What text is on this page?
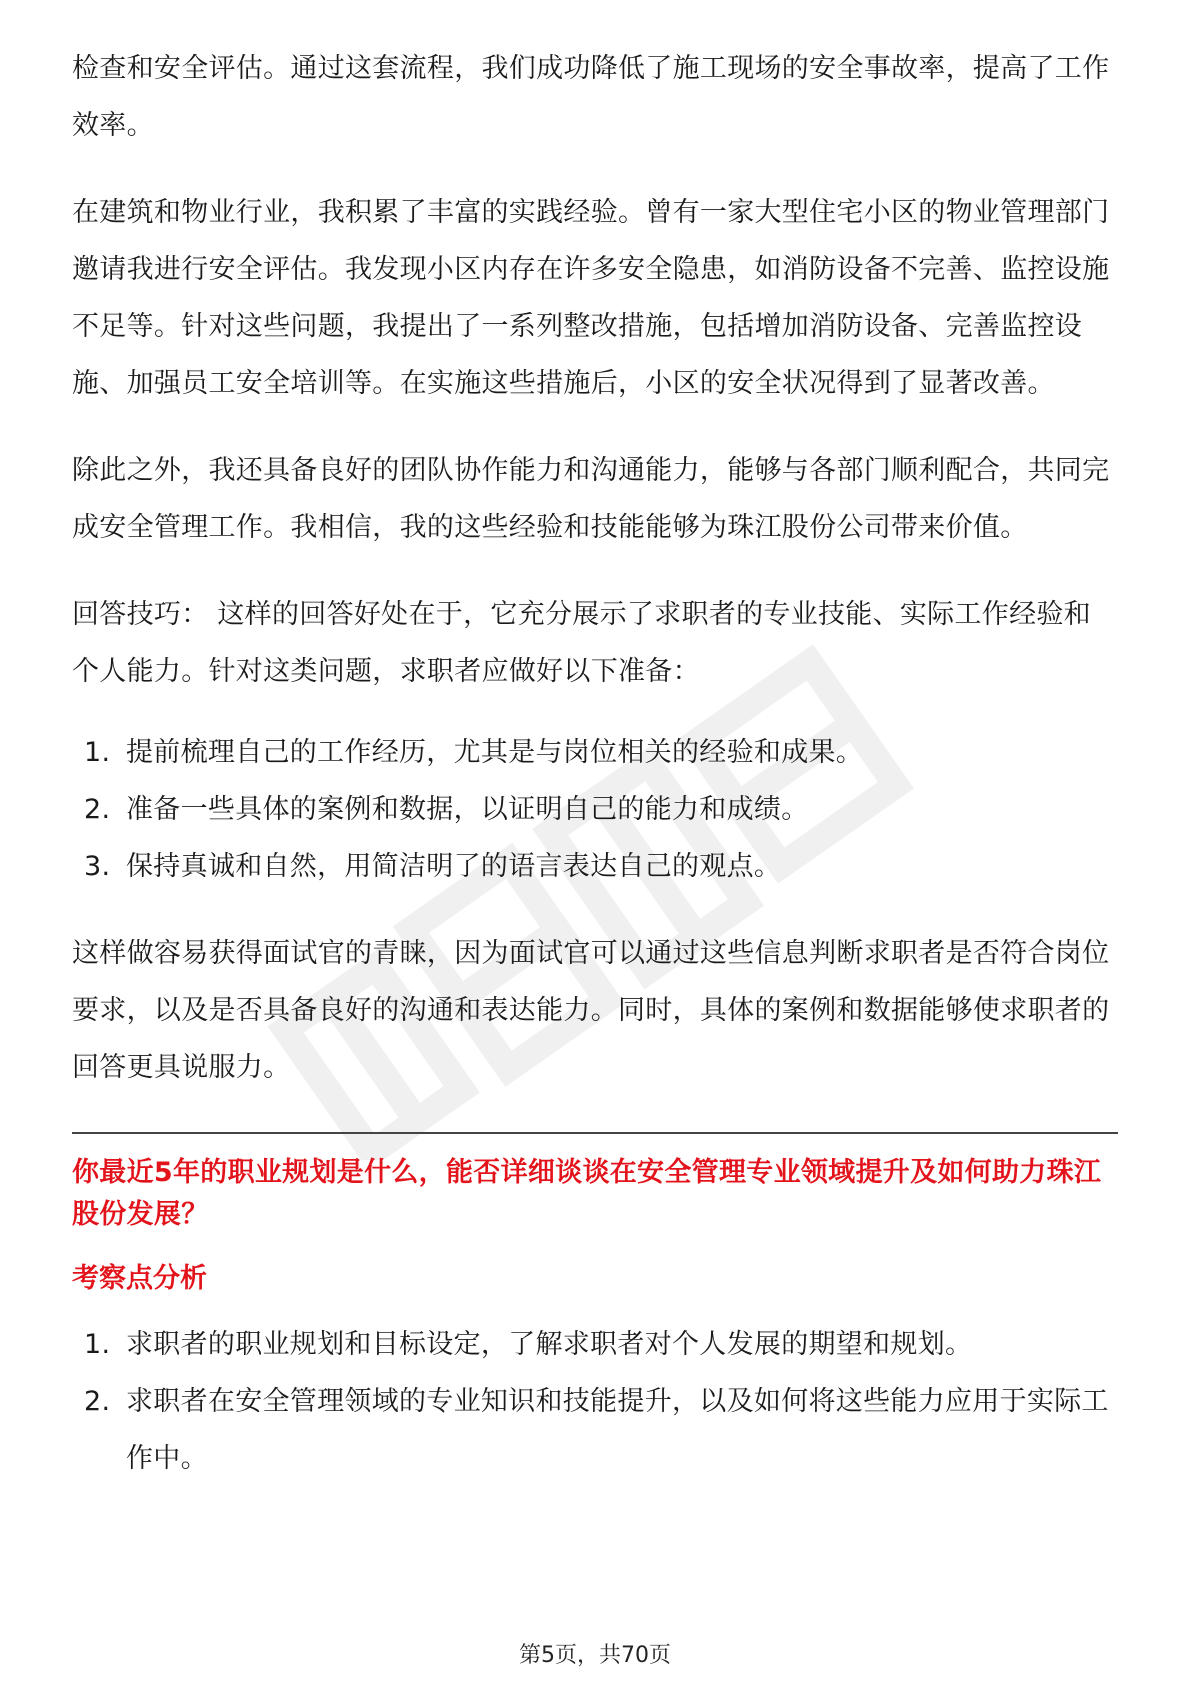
检查和安全评估。通过这套流程，我们成功降低了施工现场的安全事故率，提高了工作效率。

在建筑和物业行业，我积累了丰富的实践经验。曾有一家大型住宅小区的物业管理部门邀请我进行安全评估。我发现小区内存在许多安全隐患，如消防设备不完善、监控设施不足等。针对这些问题，我提出了一系列整改措施，包括增加消防设备、完善监控设施、加强员工安全培训等。在实施这些措施后，小区的安全状况得到了显著改善。

除此之外，我还具备良好的团队协作能力和沟通能力，能够与各部门顺利配合，共同完成安全管理工作。我相信，我的这些经验和技能能够为珠江股份公司带来价值。

回答技巧： 这样的回答好处在于，它充分展示了求职者的专业技能、实际工作经验和个人能力。针对这类问题，求职者应做好以下准备：

1. 提前梳理自己的工作经历，尤其是与岗位相关的经验和成果。
2. 准备一些具体的案例和数据，以证明自己的能力和成绩。
3. 保持真诚和自然，用简洁明了的语言表达自己的观点。

这样做容易获得面试官的青睐，因为面试官可以通过这些信息判断求职者是否符合岗位要求，以及是否具备良好的沟通和表达能力。同时，具体的案例和数据能够使求职者的回答更具说服力。

你最近5年的职业规划是什么，能否详细谈谈在安全管理专业领域提升及如何助力珠江股份发展？

考察点分析

1. 求职者的职业规划和目标设定，了解求职者对个人发展的期望和规划。
2. 求职者在安全管理领域的专业知识和技能提升，以及如何将这些能力应用于实际工作中。
第5页，共70页
